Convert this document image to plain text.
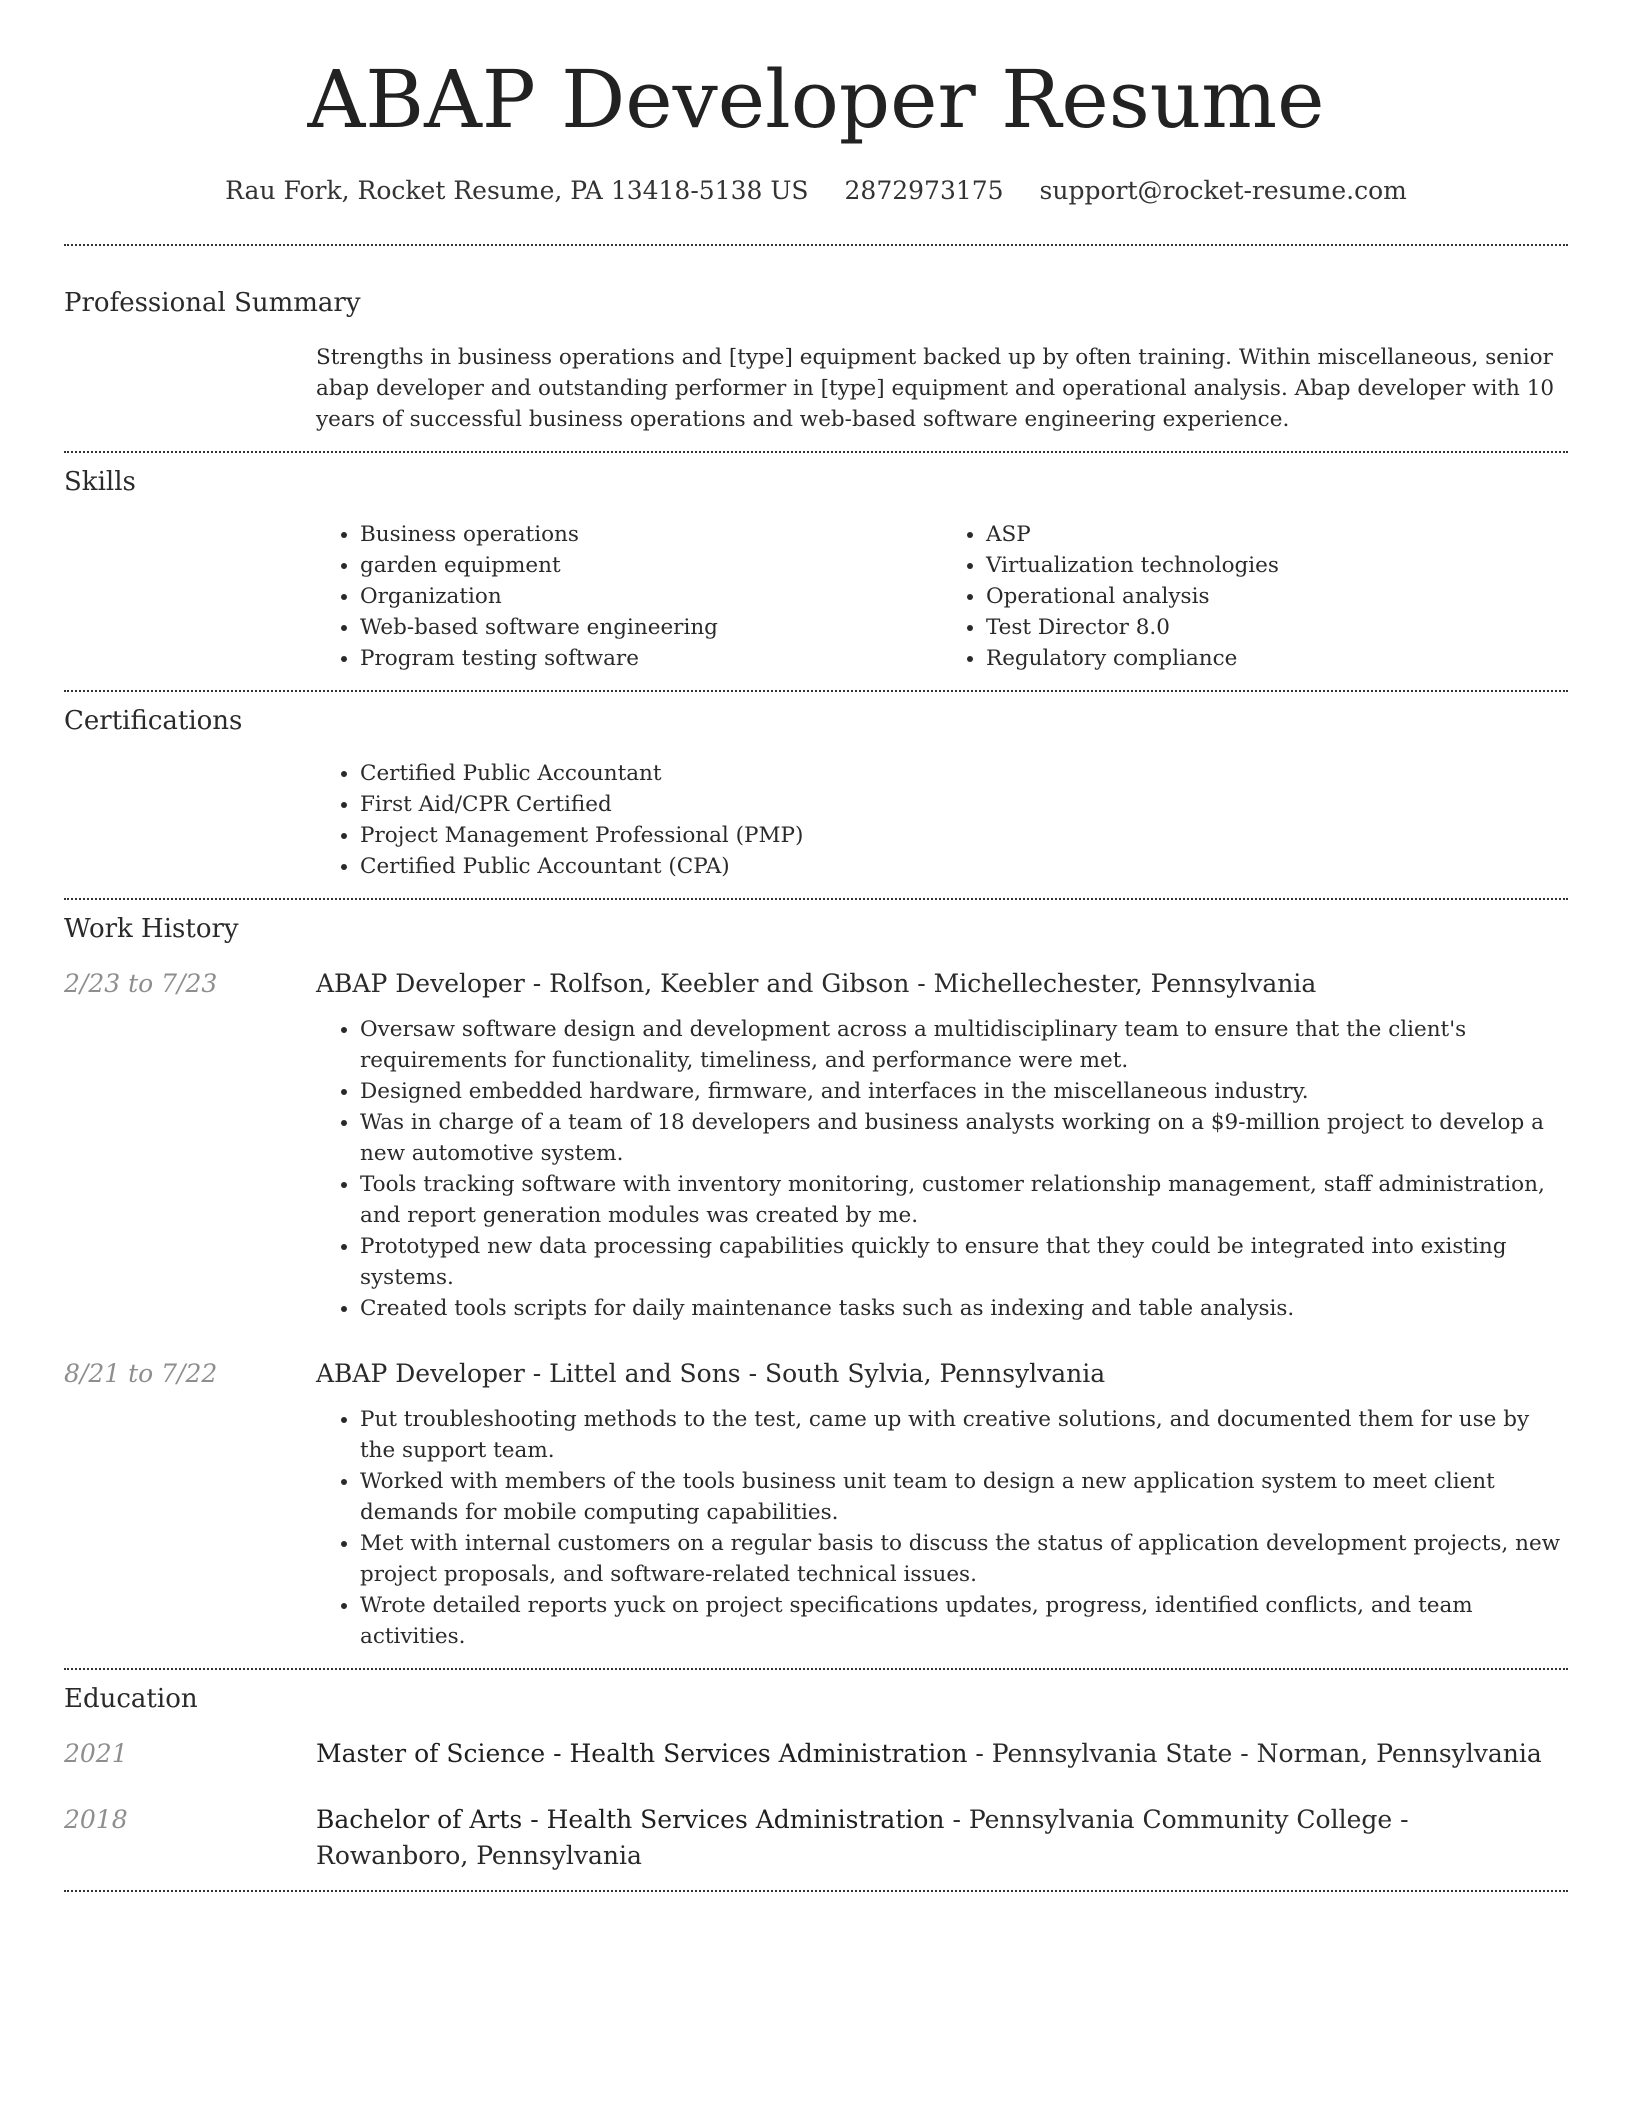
ABAP Developer Resume
Rau Fork, Rocket Resume, PA 13418-5138 US 2872973175 support@rocket-resume.com
Professional Summary
Strengths in business operations and [type] equipment backed up by often training. Within miscellaneous, senior abap developer and outstanding performer in [type] equipment and operational analysis. Abap developer with 10 years of successful business operations and web-based software engineering experience.
Skills
• Business operations
• garden equipment
• Organization
• Web-based software engineering
• Program testing software
• ASP
• Virtualization technologies
• Operational analysis
• Test Director 8.0
• Regulatory compliance
Certifications
• Certified Public Accountant
• First Aid/CPR Certified
• Project Management Professional (PMP)
• Certified Public Accountant (CPA)
Work History
2/23 to 7/23	ABAP Developer - Rolfson, Keebler and Gibson - Michellechester, Pennsylvania
• Oversaw software design and development across a multidisciplinary team to ensure that the client's requirements for functionality, timeliness, and performance were met.
• Designed embedded hardware, firmware, and interfaces in the miscellaneous industry.
• Was in charge of a team of 18 developers and business analysts working on a $9-million project to develop a new automotive system.
• Tools tracking software with inventory monitoring, customer relationship management, staff administration, and report generation modules was created by me.
• Prototyped new data processing capabilities quickly to ensure that they could be integrated into existing systems.
• Created tools scripts for daily maintenance tasks such as indexing and table analysis.
8/21 to 7/22	ABAP Developer - Littel and Sons - South Sylvia, Pennsylvania
• Put troubleshooting methods to the test, came up with creative solutions, and documented them for use by the support team.
• Worked with members of the tools business unit team to design a new application system to meet client demands for mobile computing capabilities.
• Met with internal customers on a regular basis to discuss the status of application development projects, new project proposals, and software-related technical issues.
• Wrote detailed reports yuck on project specifications updates, progress, identified conflicts, and team activities.
Education
2021	Master of Science - Health Services Administration - Pennsylvania State - Norman, Pennsylvania
2018	Bachelor of Arts - Health Services Administration - Pennsylvania Community College - Rowanboro, Pennsylvania
